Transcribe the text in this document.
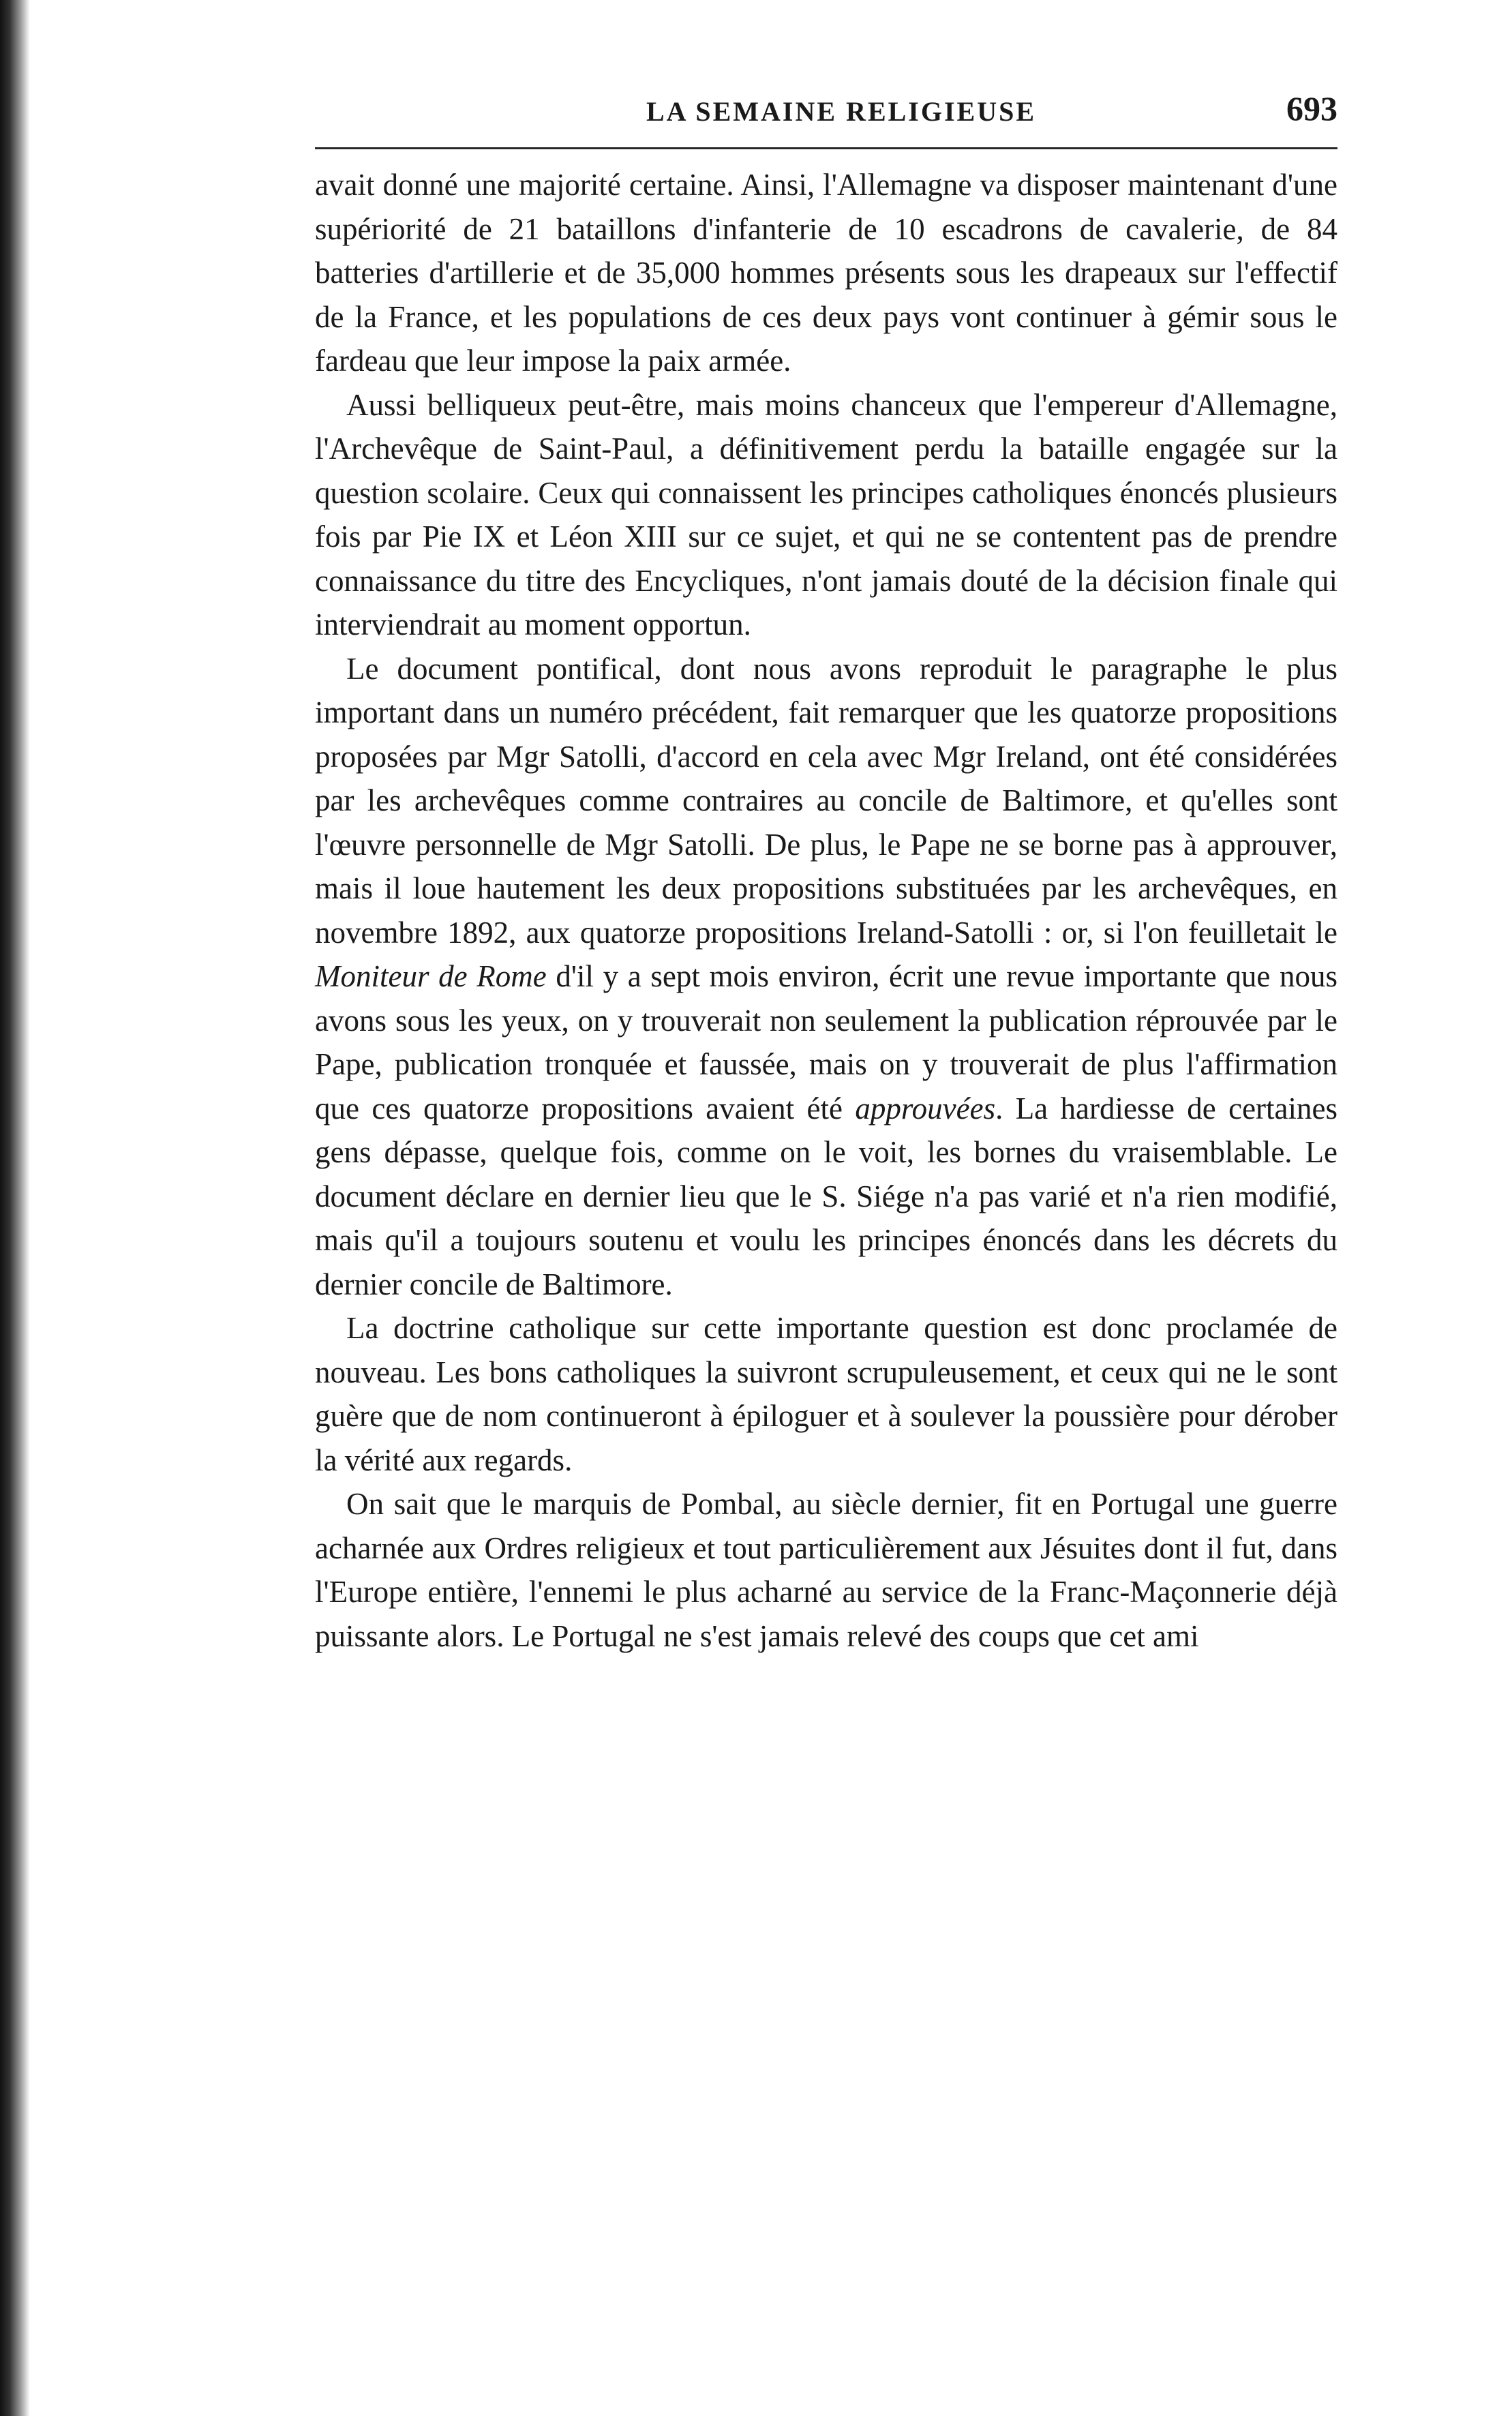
LA SEMAINE RELIGIEUSE	693

avait donné une majorité certaine. Ainsi, l'Allemagne va disposer maintenant d'une supériorité de 21 bataillons d'infanterie de 10 escadrons de cavalerie, de 84 batteries d'artillerie et de 35,000 hommes présents sous les drapeaux sur l'effectif de la France, et les populations de ces deux pays vont continuer à gémir sous le fardeau que leur impose la paix armée.

Aussi belliqueux peut-être, mais moins chanceux que l'empereur d'Allemagne, l'Archevêque de Saint-Paul, a définitivement perdu la bataille engagée sur la question scolaire. Ceux qui connaissent les principes catholiques énoncés plusieurs fois par Pie IX et Léon XIII sur ce sujet, et qui ne se contentent pas de prendre connaissance du titre des Encycliques, n'ont jamais douté de la décision finale qui interviendrait au moment opportun.

Le document pontifical, dont nous avons reproduit le paragraphe le plus important dans un numéro précédent, fait remarquer que les quatorze propositions proposées par Mgr Satolli, d'accord en cela avec Mgr Ireland, ont été considérées par les archevêques comme contraires au concile de Baltimore, et qu'elles sont l'œuvre personnelle de Mgr Satolli. De plus, le Pape ne se borne pas à approuver, mais il loue hautement les deux propositions substituées par les archevêques, en novembre 1892, aux quatorze propositions Ireland-Satolli : or, si l'on feuilletait le Moniteur de Rome d'il y a sept mois environ, écrit une revue importante que nous avons sous les yeux, on y trouverait non seulement la publication réprouvée par le Pape, publication tronquée et faussée, mais on y trouverait de plus l'affirmation que ces quatorze propositions avaient été approuvées. La hardiesse de certaines gens dépasse, quelque fois, comme on le voit, les bornes du vraisemblable. Le document déclare en dernier lieu que le S. Siége n'a pas varié et n'a rien modifié, mais qu'il a toujours soutenu et voulu les principes énoncés dans les décrets du dernier concile de Baltimore.

La doctrine catholique sur cette importante question est donc proclamée de nouveau. Les bons catholiques la suivront scrupuleusement, et ceux qui ne le sont guère que de nom continueront à épiloguer et à soulever la poussière pour dérober la vérité aux regards.

On sait que le marquis de Pombal, au siècle dernier, fit en Portugal une guerre acharnée aux Ordres religieux et tout particulièrement aux Jésuites dont il fut, dans l'Europe entière, l'ennemi le plus acharné au service de la Franc-Maçonnerie déjà puissante alors. Le Portugal ne s'est jamais relevé des coups que cet ami
